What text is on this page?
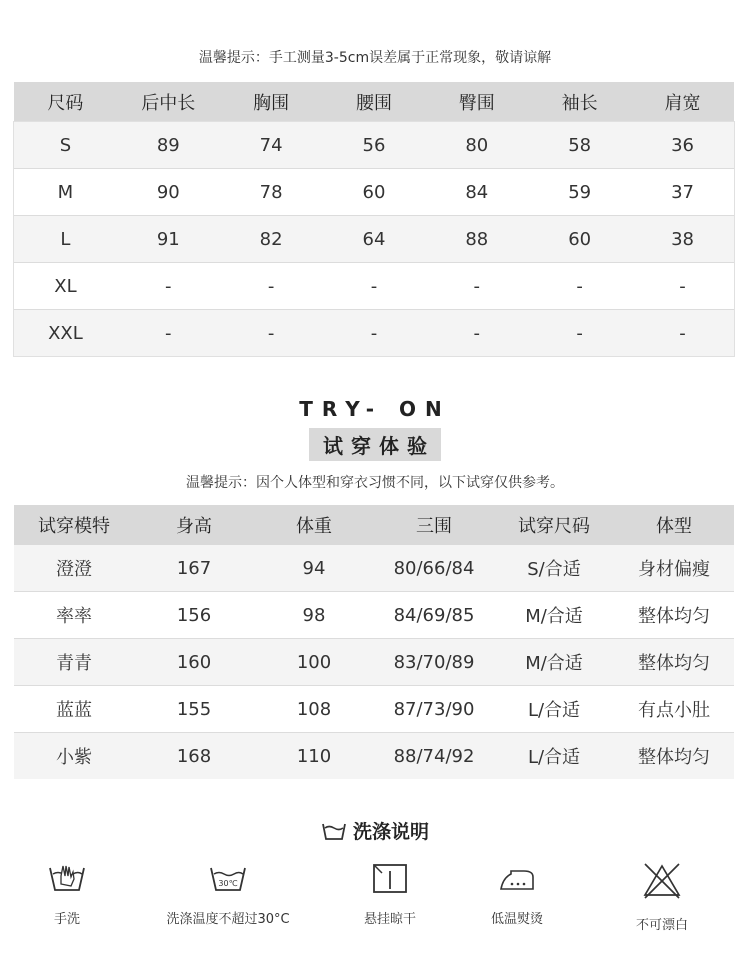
温馨提示：手工测量3-5cm误差属于正常现象，敬请谅解
尺码	后中长	胸围	腰围	臀围	袖长	肩宽
S	89	74	56	80	58	36
M	90	78	60	84	59	37
L	91	82	64	88	60	38
XL	-	-	-	-	-	-
XXL	-	-	-	-	-	-
TRY- ON
试穿体验
温馨提示：因个人体型和穿衣习惯不同，以下试穿仅供参考。
试穿模特	身高	体重	三围	试穿尺码	体型
澄澄	167	94	80/66/84	S/合适	身材偏瘦
率率	156	98	84/69/85	M/合适	整体均匀
青青	160	100	83/70/89	M/合适	整体均匀
蓝蓝	155	108	87/73/90	L/合适	有点小肚
小紫	168	110	88/74/92	L/合适	整体均匀
洗涤说明
手洗
30℃
洗涤温度不超过30°C	悬挂晾干	低温熨烫	不可漂白
